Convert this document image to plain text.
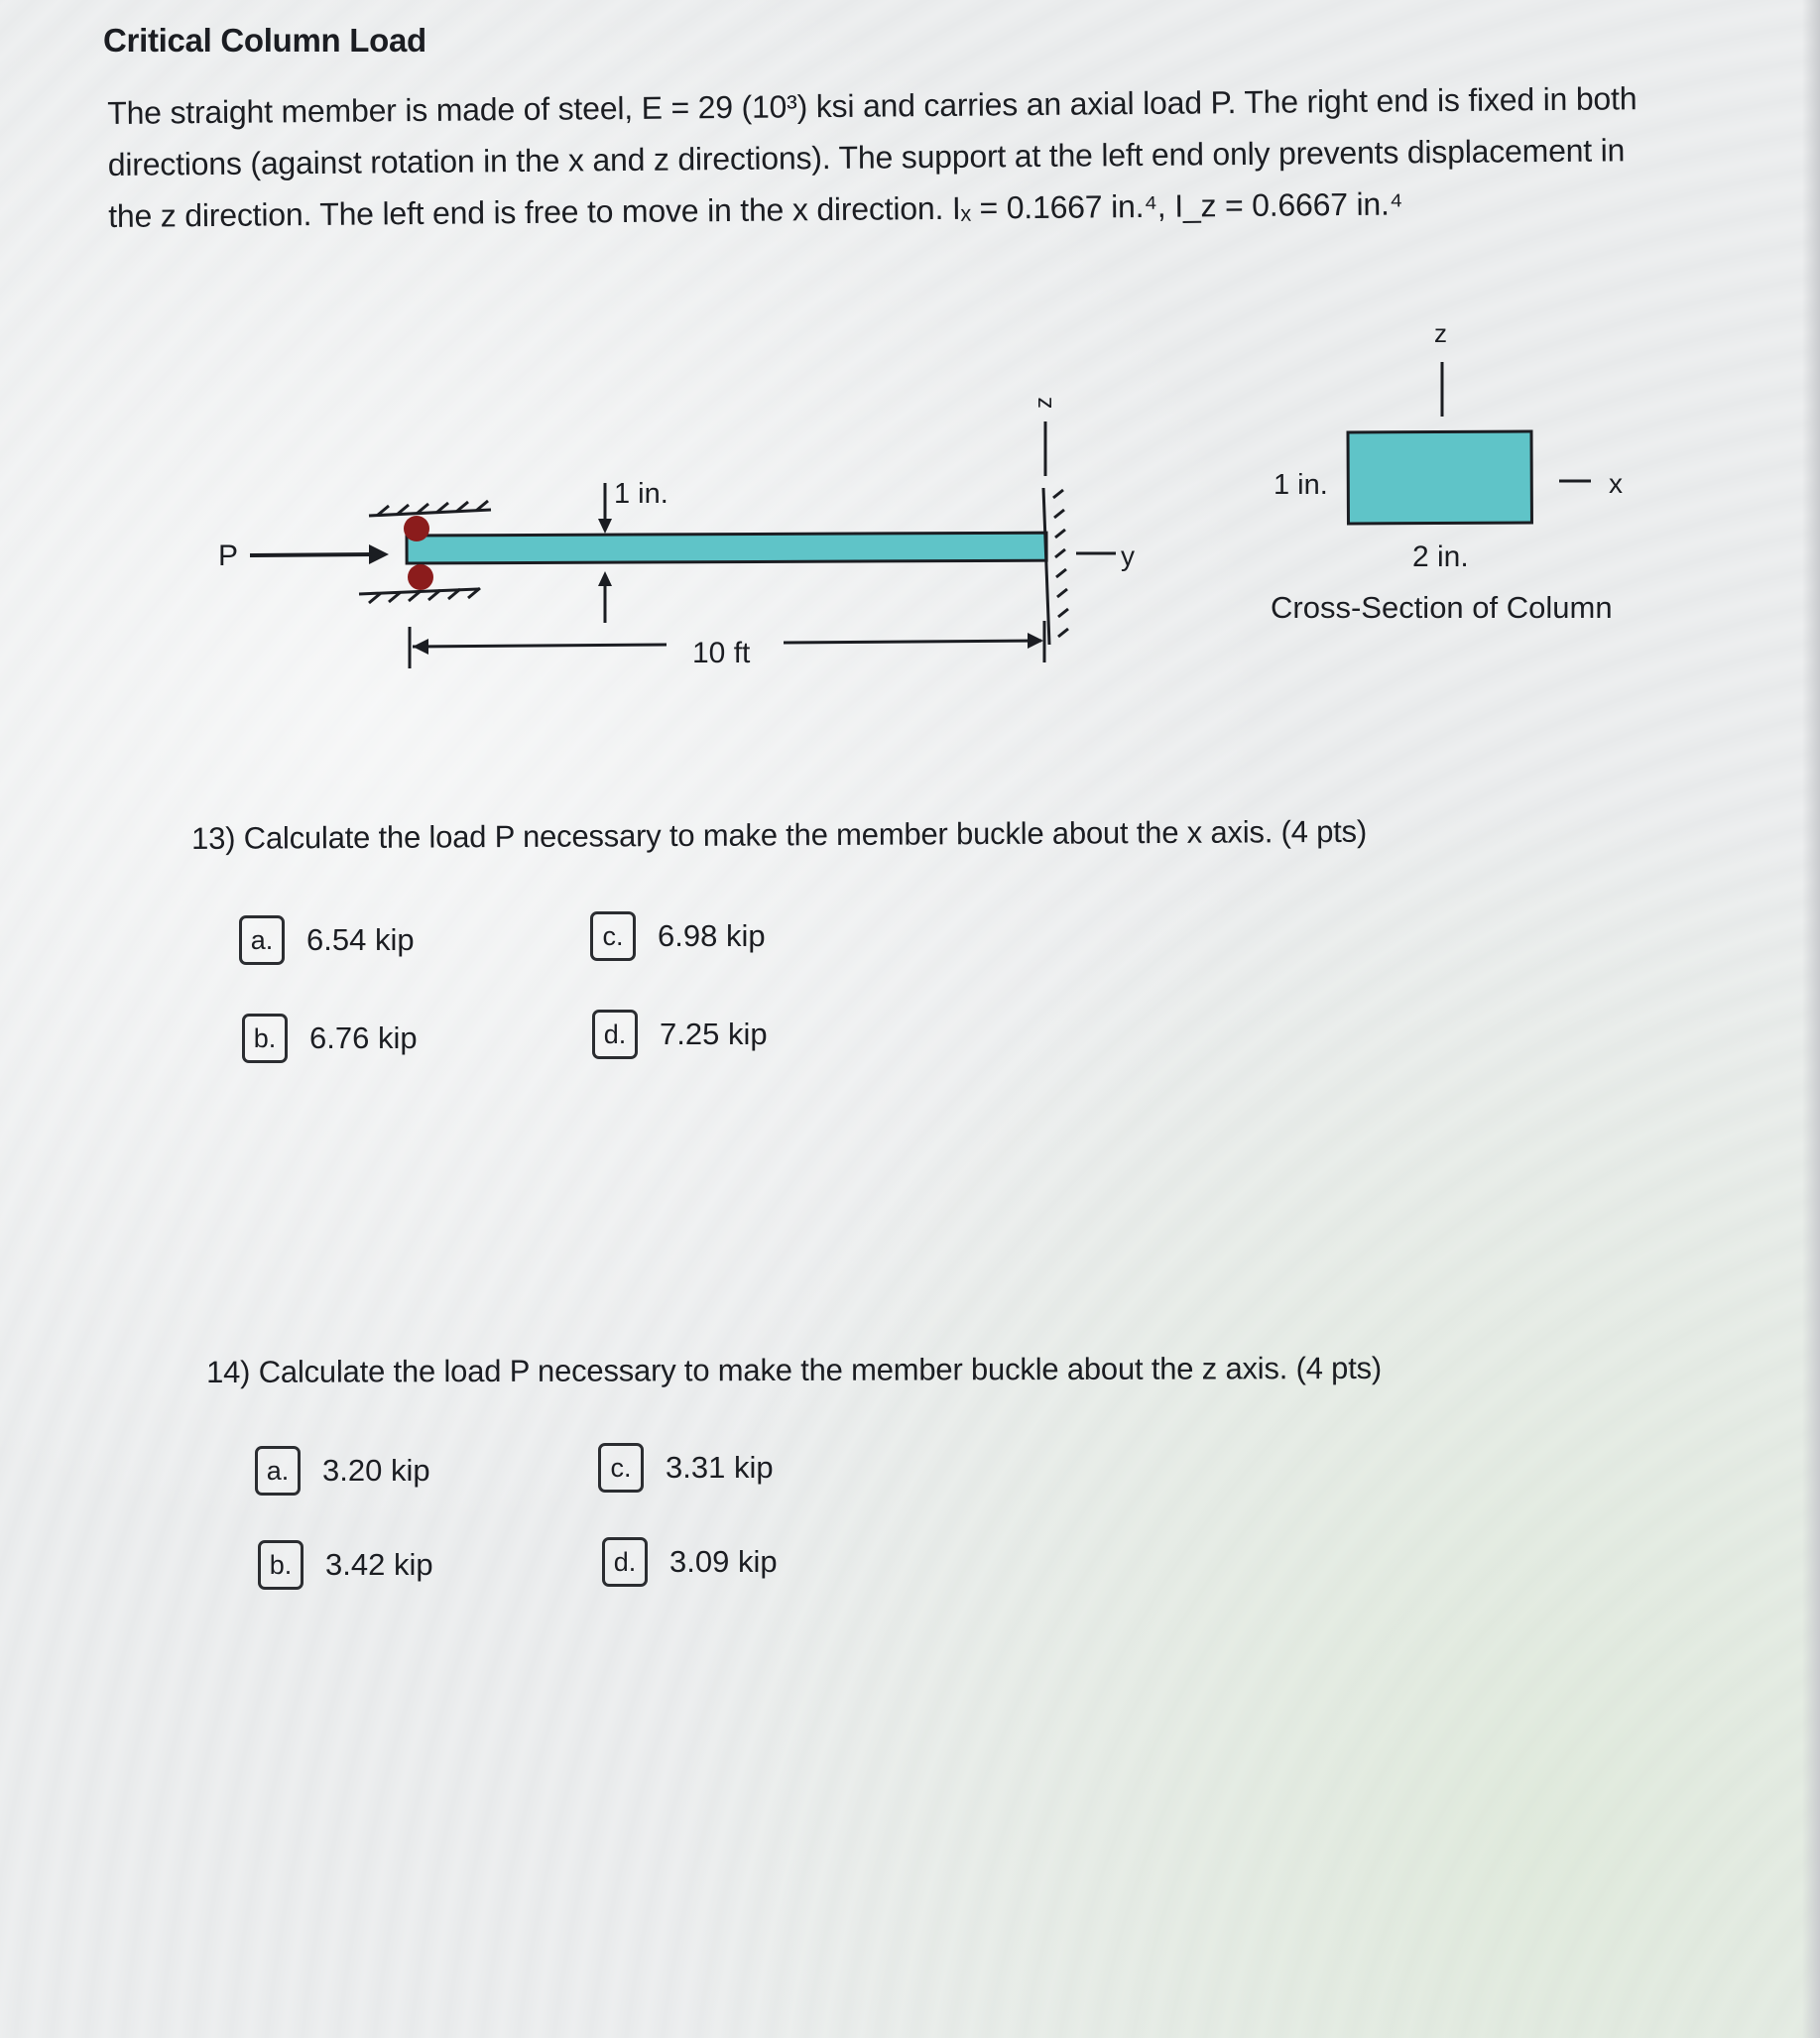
Critical Column Load
The straight member is made of steel, E = 29 (10³) ksi and carries an axial load P. The right end is fixed in both
directions (against rotation in the x and z directions). The support at the left end only prevents displacement in
the z direction. The left end is free to move in the x direction. Iₓ = 0.1667 in.⁴, I_z = 0.6667 in.⁴
P
z
y
1 in.
10 ft
z
1 in.	x
2 in.
Cross-Section of Column
13) Calculate the load P necessary to make the member buckle about the x axis. (4 pts)
a.	6.54 kip
b.	6.76 kip
c.	6.98 kip
d.	7.25 kip
14) Calculate the load P necessary to make the member buckle about the z axis. (4 pts)
a.	3.20 kip
b.	3.42 kip
c.	3.31 kip
d.	3.09 kip
